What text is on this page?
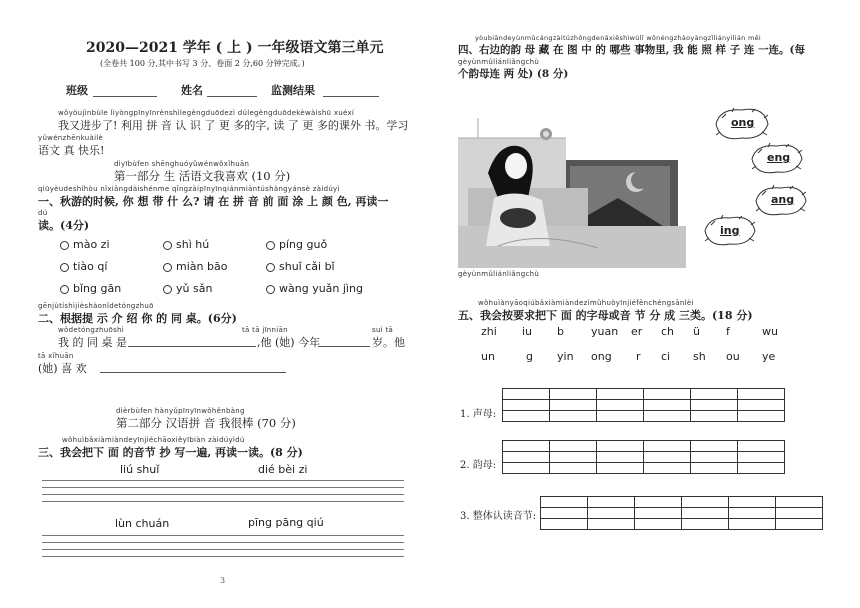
2020—2021 学年 ( 上 ) 一年级语文第三单元
(全卷共 100 分,其中书写 3 分、卷面 2 分,60 分钟完成。)
班级	姓名	监测结果
wǒyòujìnbùle lìyòngpīnyīnrènshìlegèngduōdezì dúlegèngduōdekèwàishū xuéxí
我又进步了! 利用 拼 音 认 识 了 更 多的字, 读 了 更 多的课外 书。学习
yǔwénzhēnkuàilè
语文 真 快乐!
dìyībùfen shēnghuóyǔwénwǒxǐhuān
第一部分 生 活语文我喜欢 (10 分)
qiūyèudeshíhòu nǐxiǎngdàishénme qǐngzàipīnyīnqiánmiàntúshàngyánsè zàidúyì
一、秋游的时候, 你 想 带 什 么? 请 在 拼 音 前 面 涂 上 颜 色, 再读一
dú
读。(4分)
mào zi	shì hú	píng guǒ
tiào qí	miàn bāo	shuǐ cǎi bǐ
bǐng gān	yǔ sǎn	wàng yuǎn jìng
gēnjùtíshìjièshàonǐdetóngzhuō
二、根据提 示 介 绍 你 的 同 桌。(6分)
wǒdetóngzhuōshì	tā tā jīnniān	suì tā
我 的 同 桌 是	,他 (她) 今年	岁。他
tā xǐhuān
(她) 喜 欢
dìèrbùfen hànyǔpīnyīnwǒhěnbàng
第二部分 汉语拼 音 我很棒 (70 分)
wǒhuìbǎxiàmiàndeyīnjiéchāoxiěyībiàn zàidúyìdú
三、我会把下 面 的音节 抄 写一遍, 再读一读。(8 分)
liú shuǐ	dié bèi zi
lùn chuán	pīng pāng qiú
3
yòubiāndeyùnmǔcángzàitúzhōngdenǎxiēshìwùlǐ wǒnéngzhàoyàngzǐliányilián měi
四、右边的韵 母 藏 在 图 中 的 哪些 事物里, 我 能 照 样 子 连 一连。(每
gèyùnmǔliánliǎngchù
个韵母连 两 处) (8 分)
gèyùnmǔliánliǎngchù
ong
eng
ang
ing
wǒhuìànyāoqiúbǎxiàmiàndezìmǔhuòyīnjiéfēnchéngsānlèi
五、我会按要求把下 面 的字母或音 节 分 成 三类。(18 分)
zhi iu b yuan er ch ü f	wu
un	g yin ong r ci sh ou ye
1. 声母:

2. 韵母:

3. 整体认读音节:
